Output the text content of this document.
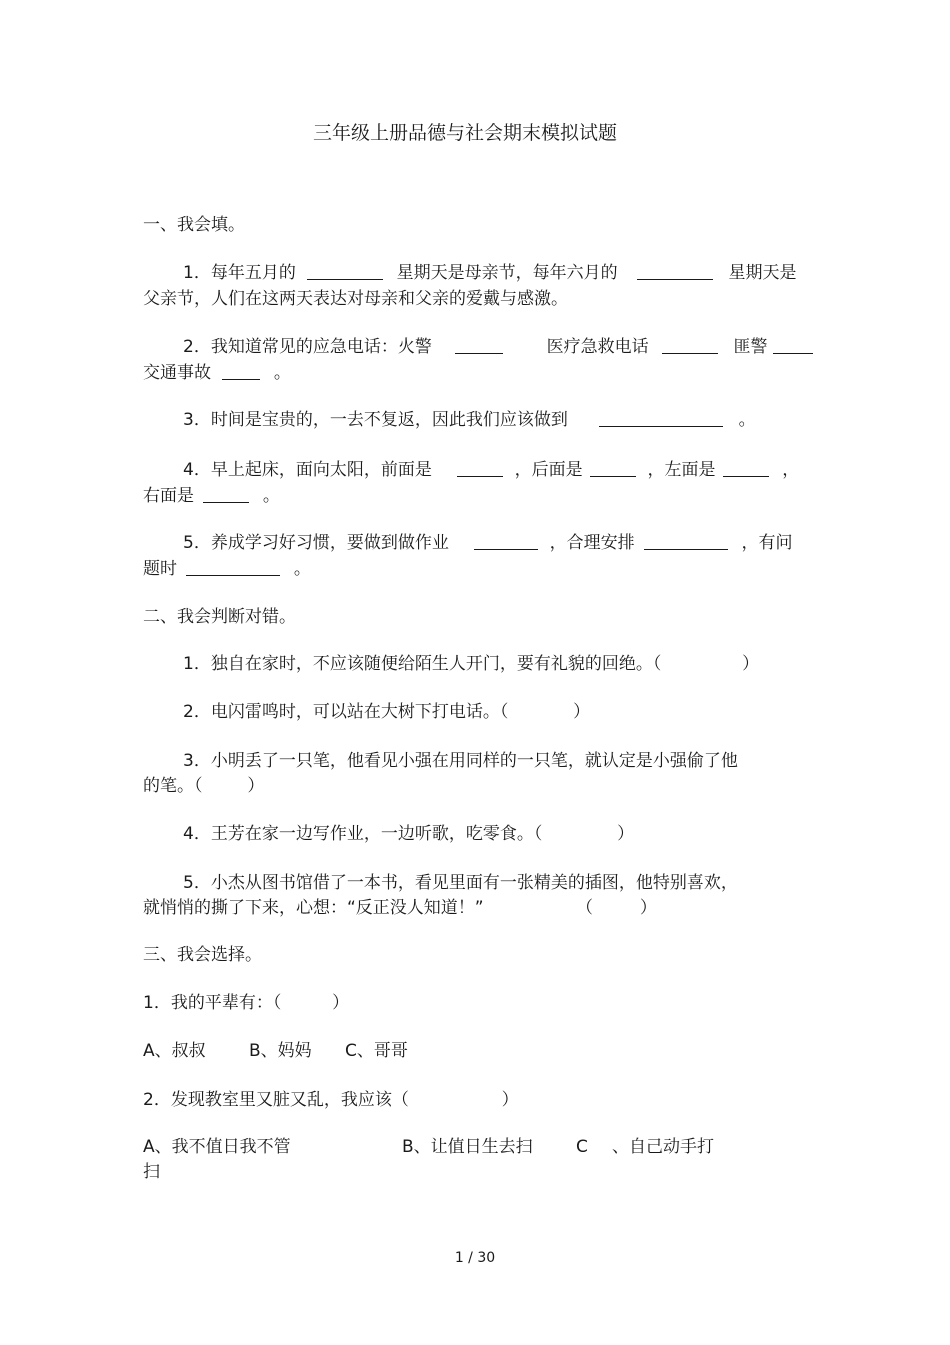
三年级上册品德与社会期末模拟试题
一、我会填。
1．每年五月的	星期天是母亲节，每年六月的	星期天是
父亲节，人们在这两天表达对母亲和父亲的爱戴与感激。
2．我知道常见的应急电话：火警	医疗急救电话	匪警
交通事故	。
3．时间是宝贵的，一去不复返，因此我们应该做到	。
4．早上起床，面向太阳，前面是	，后面是	，左面是	，
右面是	。
5．养成学习好习惯，要做到做作业	，合理安排	，有问
题时	。
二、我会判断对错。
1．独自在家时，不应该随便给陌生人开门，要有礼貌的回绝。（	）
2．电闪雷鸣时，可以站在大树下打电话。（	）
3．小明丢了一只笔，他看见小强在用同样的一只笔，就认定是小强偷了他
的笔。（	）
4．王芳在家一边写作业，一边听歌，吃零食。（	）
5．小杰从图书馆借了一本书，看见里面有一张精美的插图，他特别喜欢，
就悄悄的撕了下来，心想：“反正没人知道！”	（	）
三、我会选择。
1．我的平辈有：（	）
A、叔叔	B、妈妈 C、哥哥
2．发现教室里又脏又乱，我应该（	）
A、我不值日我不管	B、让值日生去扫	C 、自己动手打
扫
1 / 30
